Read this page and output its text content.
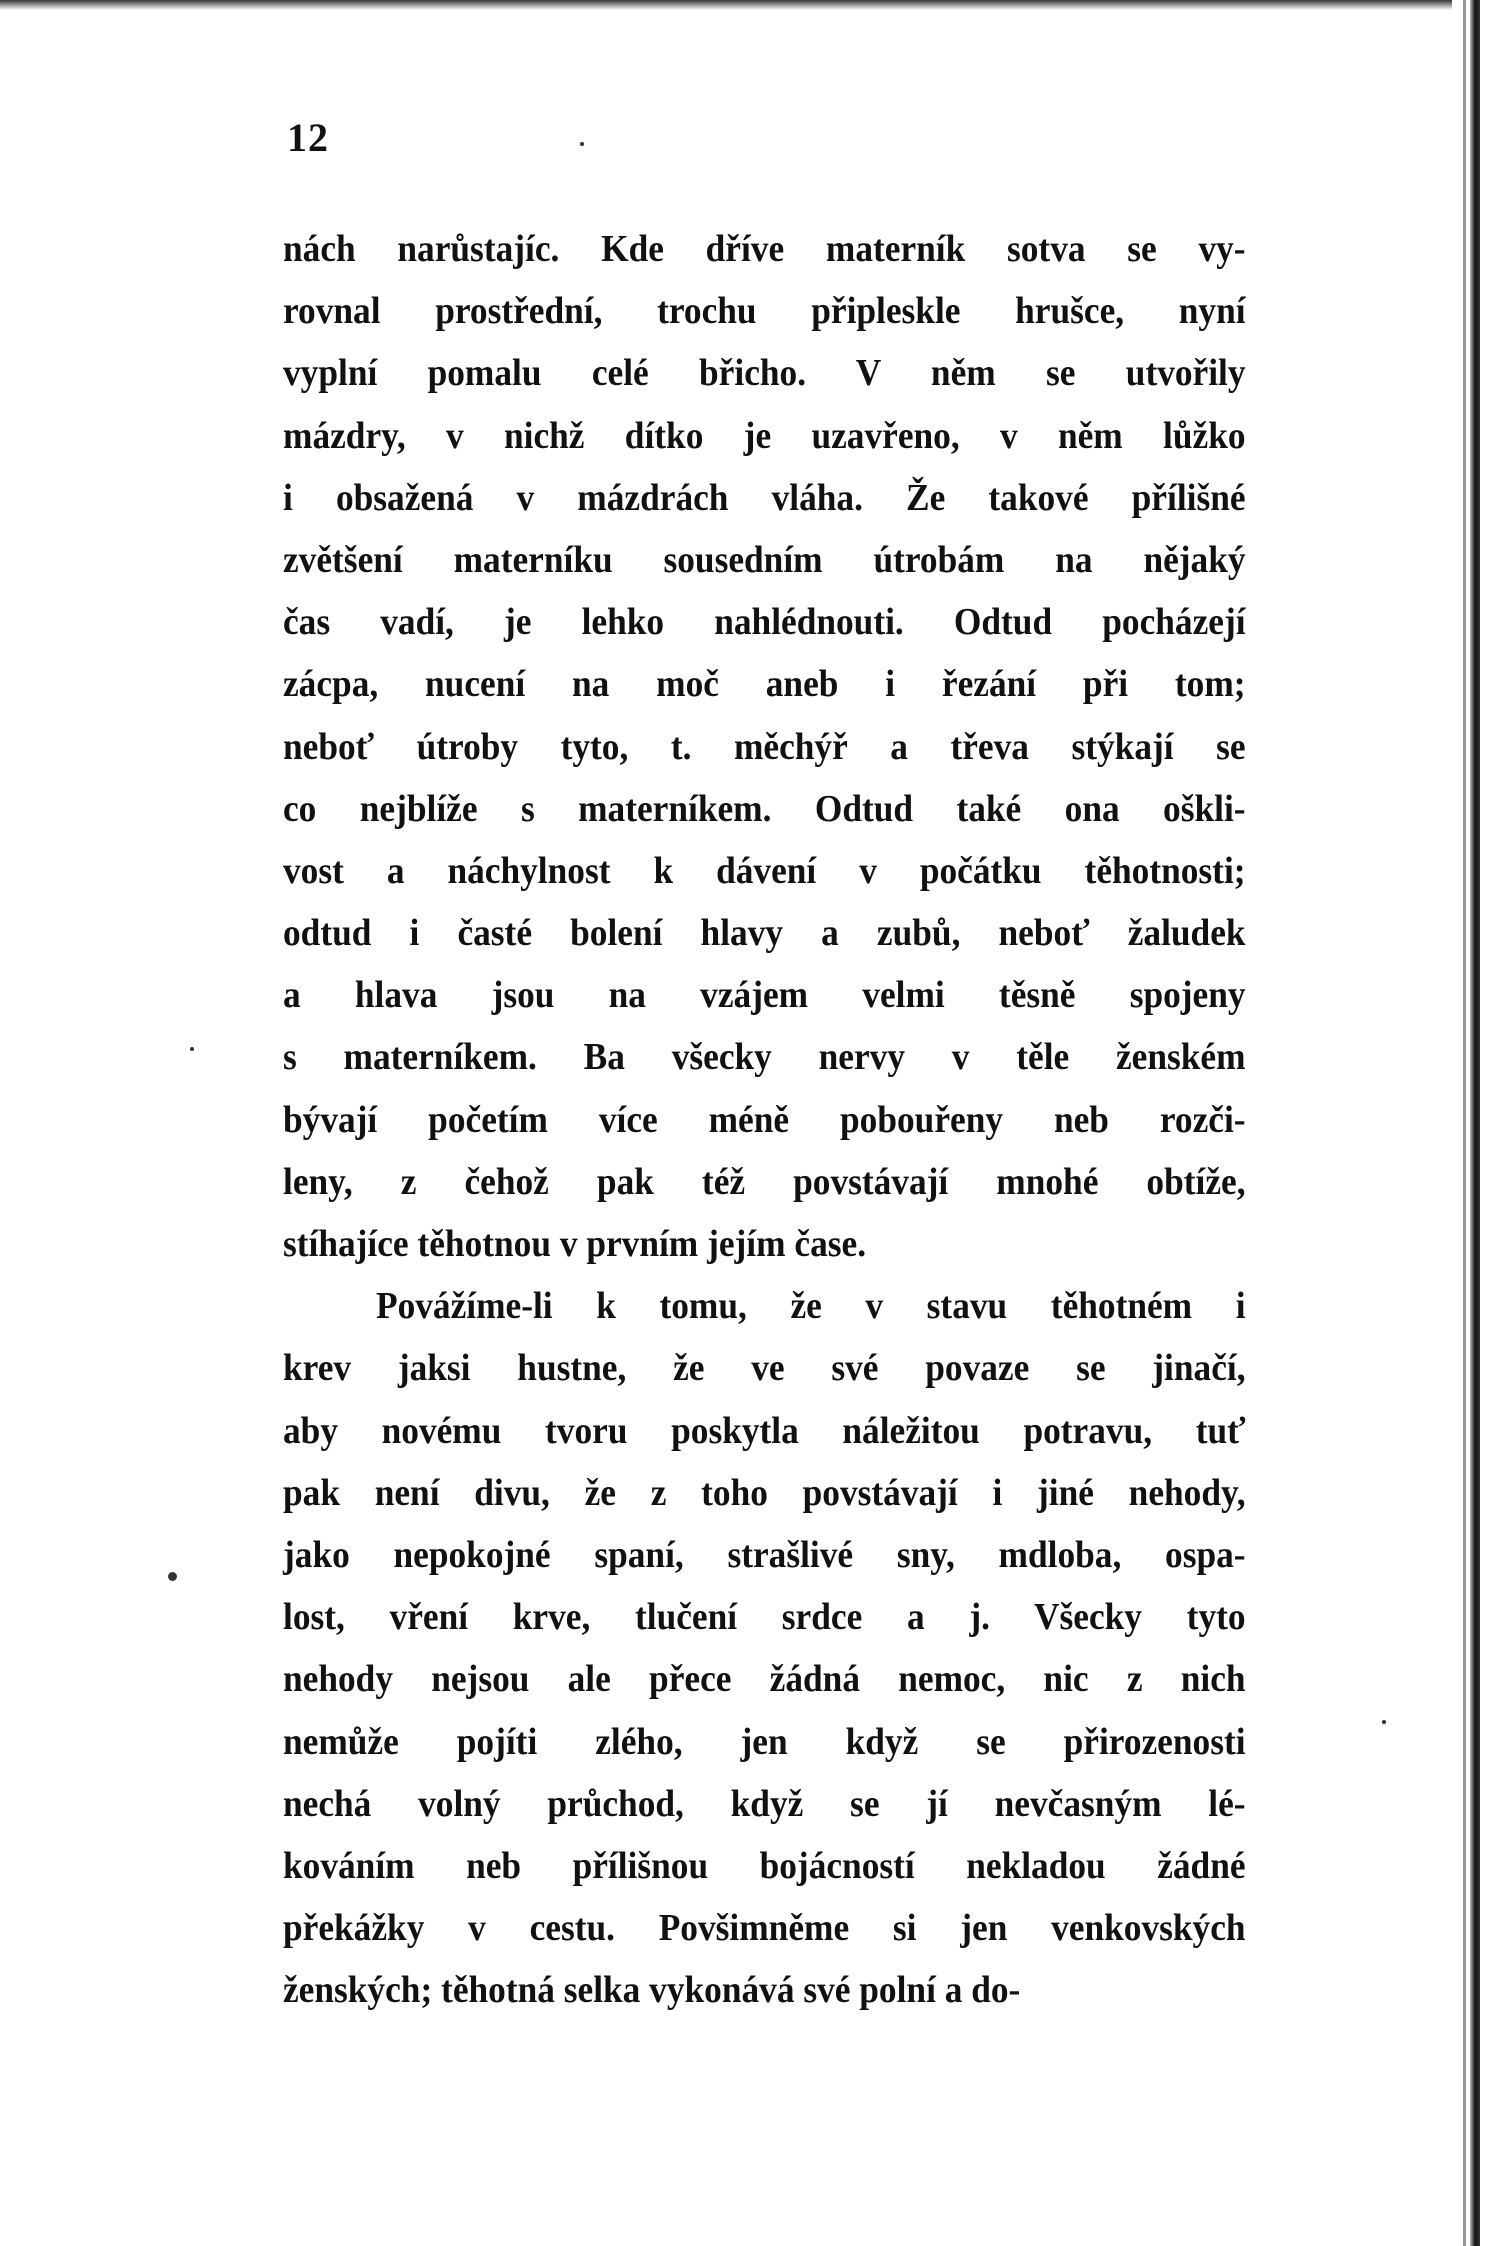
12
nách narůstajíc. Kde dříve materník sotva se vy-
rovnal prostřední, trochu připleskle hrušce, nyní
vyplní pomalu celé břicho. V něm se utvořily
mázdry, v nichž dítko je uzavřeno, v něm lůžko
i obsažená v mázdrách vláha. Že takové přílišné
zvětšení materníku sousedním útrobám na nějaký
čas vadí, je lehko nahlédnouti. Odtud pocházejí
zácpa, nucení na moč aneb i řezání při tom;
neboť útroby tyto, t. měchýř a třeva stýkají se
co nejblíže s materníkem. Odtud také ona oškli-
vost a náchylnost k dávení v počátku těhotnosti;
odtud i časté bolení hlavy a zubů, neboť žaludek
a hlava jsou na vzájem velmi těsně spojeny
s materníkem. Ba všecky nervy v těle ženském
bývají početím více méně pobouřeny neb rozči-
leny, z čehož pak též povstávají mnohé obtíže,
stíhajíce těhotnou v prvním jejím čase.
Povážíme-li k tomu, že v stavu těhotném i
krev jaksi hustne, že ve své povaze se jinačí,
aby novému tvoru poskytla náležitou potravu, tuť
pak není divu, že z toho povstávají i jiné nehody,
jako nepokojné spaní, strašlivé sny, mdloba, ospa-
lost, vření krve, tlučení srdce a j. Všecky tyto
nehody nejsou ale přece žádná nemoc, nic z nich
nemůže pojíti zlého, jen když se přirozenosti
nechá volný průchod, když se jí nevčasným lé-
kováním neb přílišnou bojácností nekladou žádné
překážky v cestu. Povšimněme si jen venkovských
ženských; těhotná selka vykonává své polní a do-
